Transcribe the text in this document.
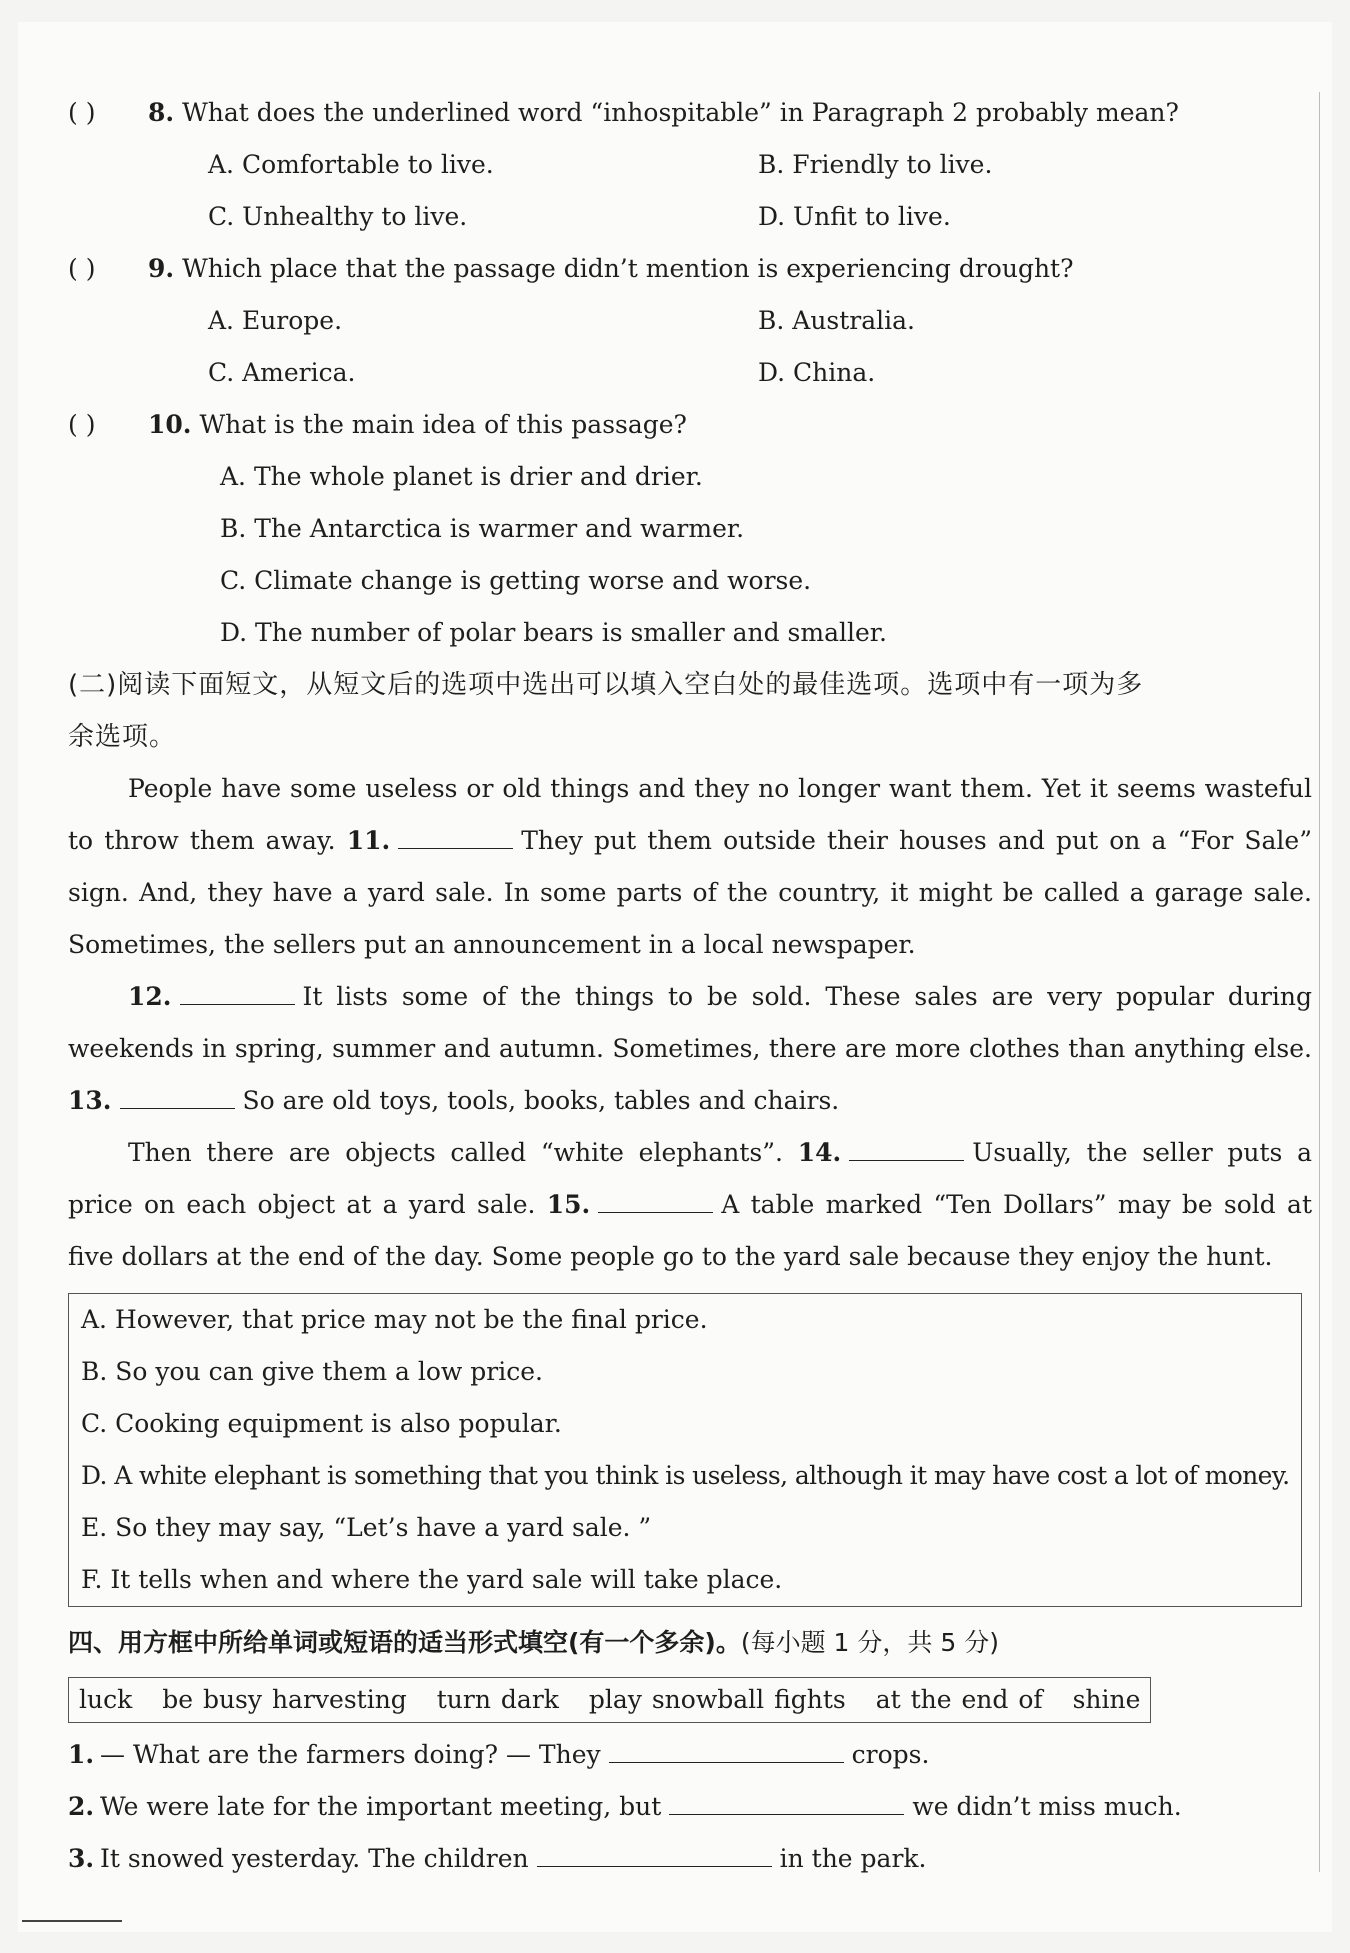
( ) 8. What does the underlined word “inhospitable” in Paragraph 2 probably mean?
A. Comfortable to live.	B. Friendly to live.
C. Unhealthy to live.	D. Unfit to live.
( ) 9. Which place that the passage didn’t mention is experiencing drought?
A. Europe.	B. Australia.
C. America.	D. China.
( ) 10. What is the main idea of this passage?
A. The whole planet is drier and drier.
B. The Antarctica is warmer and warmer.
C. Climate change is getting worse and worse.
D. The number of polar bears is smaller and smaller.
(二)阅读下面短文，从短文后的选项中选出可以填入空白处的最佳选项。选项中有一项为多
余选项。
People have some useless or old things and they no longer want them. Yet it seems wasteful
to throw them away. 11.	They put them outside their houses and put on a “For Sale”
sign. And, they have a yard sale. In some parts of the country, it might be called a garage sale.
Sometimes, the sellers put an announcement in a local newspaper.
12.	It lists some of the things to be sold. These sales are very popular during
weekends in spring, summer and autumn. Sometimes, there are more clothes than anything else.
13.	So are old toys, tools, books, tables and chairs.
Then there are objects called “white elephants”. 14.	Usually, the seller puts a
price on each object at a yard sale. 15.	A table marked “Ten Dollars” may be sold at
five dollars at the end of the day. Some people go to the yard sale because they enjoy the hunt.
A. However, that price may not be the final price.
B. So you can give them a low price.
C. Cooking equipment is also popular.
D. A white elephant is something that you think is useless, although it may have cost a lot of money.
E. So they may say, “Let’s have a yard sale. ”
F. It tells when and where the yard sale will take place.
四、用方框中所给单词或短语的适当形式填空(有一个多余)。(每小题 1 分，共 5 分)
luck be busy harvesting turn dark play snowball fights at the end of shine
1. — What are the farmers doing? — They	crops.
2. We were late for the important meeting, but	we didn’t miss much.
3. It snowed yesterday. The children	in the park.
